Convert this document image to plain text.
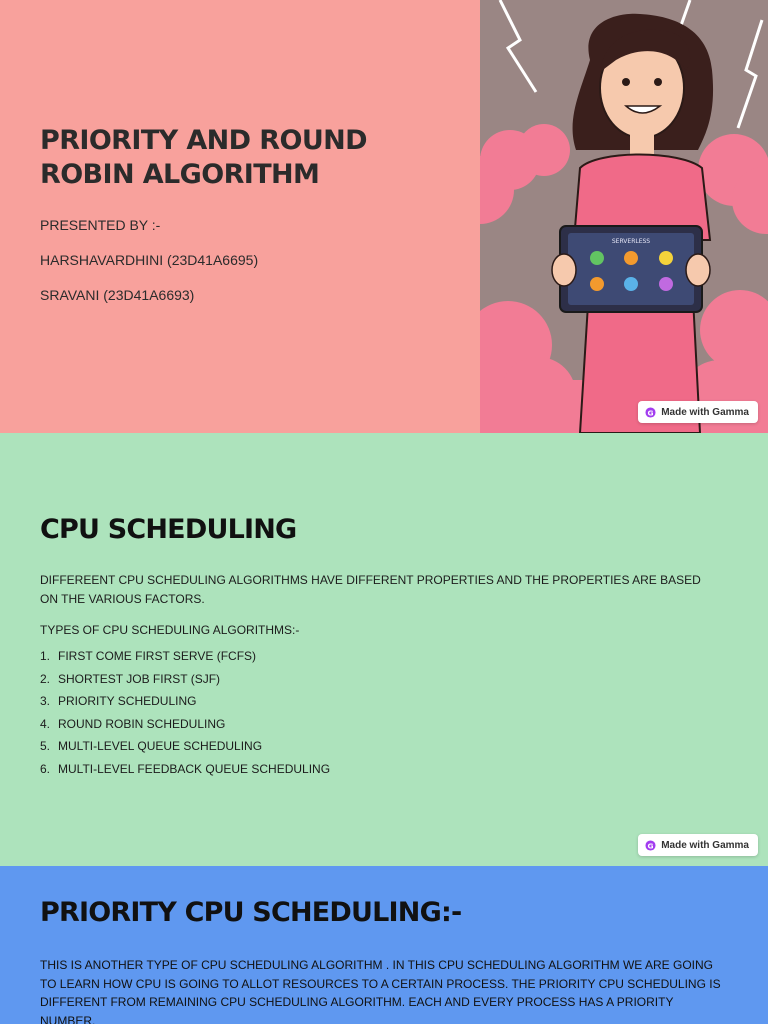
PRIORITY AND ROUND ROBIN ALGORITHM
PRESENTED BY :-
HARSHAVARDHINI (23D41A6695)
SRAVANI (23D41A6693)
SERVERLESS
G Made with Gamma
CPU SCHEDULING

DIFFEREENT CPU SCHEDULING ALGORITHMS HAVE DIFFERENT PROPERTIES AND THE PROPERTIES ARE BASED ON THE VARIOUS FACTORS.

TYPES OF CPU SCHEDULING ALGORITHMS:-

1. FIRST COME FIRST SERVE (FCFS)
2. SHORTEST JOB FIRST (SJF)
3. PRIORITY SCHEDULING
4. ROUND ROBIN SCHEDULING
5. MULTI-LEVEL QUEUE SCHEDULING
6. MULTI-LEVEL FEEDBACK QUEUE SCHEDULING
G Made with Gamma
PRIORITY CPU SCHEDULING:-

THIS IS ANOTHER TYPE OF CPU SCHEDULING ALGORITHM . IN THIS CPU SCHEDULING ALGORITHM WE ARE GOING TO LEARN HOW CPU IS GOING TO ALLOT RESOURCES TO A CERTAIN PROCESS. THE PRIORITY CPU SCHEDULING IS DIFFERENT FROM REMAINING CPU SCHEDULING ALGORITHM. EACH AND EVERY PROCESS HAS A PRIORITY NUMBER.
